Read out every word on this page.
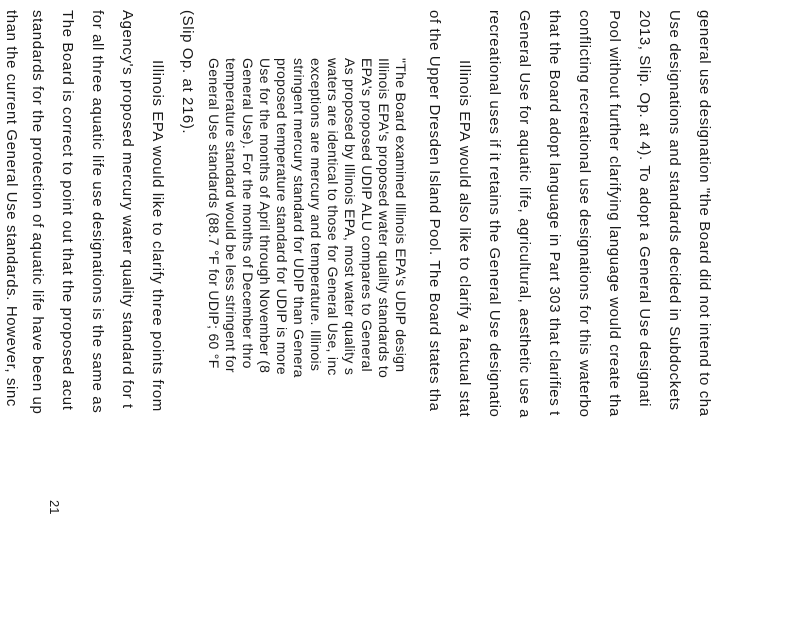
general use designation "the Board did not intend to cha
Use designations and standards decided in Subdockets
2013, Slip. Op. at 4). To adopt a General Use designati
Pool without further clarifying language would create tha
conflicting recreational use designations for this waterbo
that the Board adopt language in Part 303 that clarifies t
General Use for aquatic life, agricultural, aesthetic use a
recreational uses if it retains the General Use designatio
Illinois EPA would also like to clarify a factual stat
of the Upper Dresden Island Pool. The Board states tha
"The Board examined Illinois EPA's UDIP design
Illinois EPA's proposed water quality standards to
EPA's proposed UDIP ALU compares to General
As proposed by Illinois EPA, most water quality s
waters are identical to those for General Use, inc
exceptions are mercury and temperature. Illinois
stringent mercury standard for UDIP than Genera
proposed temperature standard for UDIP is more
Use for the months of April through November (8
General Use). For the months of December thro
temperature standard would be less stringent for
General Use standards (88.7 °F for UDIP; 60 °F
(Slip Op. at 216).
Illinois EPA would like to clarify three points from
Agency's proposed mercury water quality standard for t
for all three aquatic life use designations is the same as
The Board is correct to point out that the proposed acut
standards for the protection of aquatic life have been up
than the current General Use standards. However, sinc
21
